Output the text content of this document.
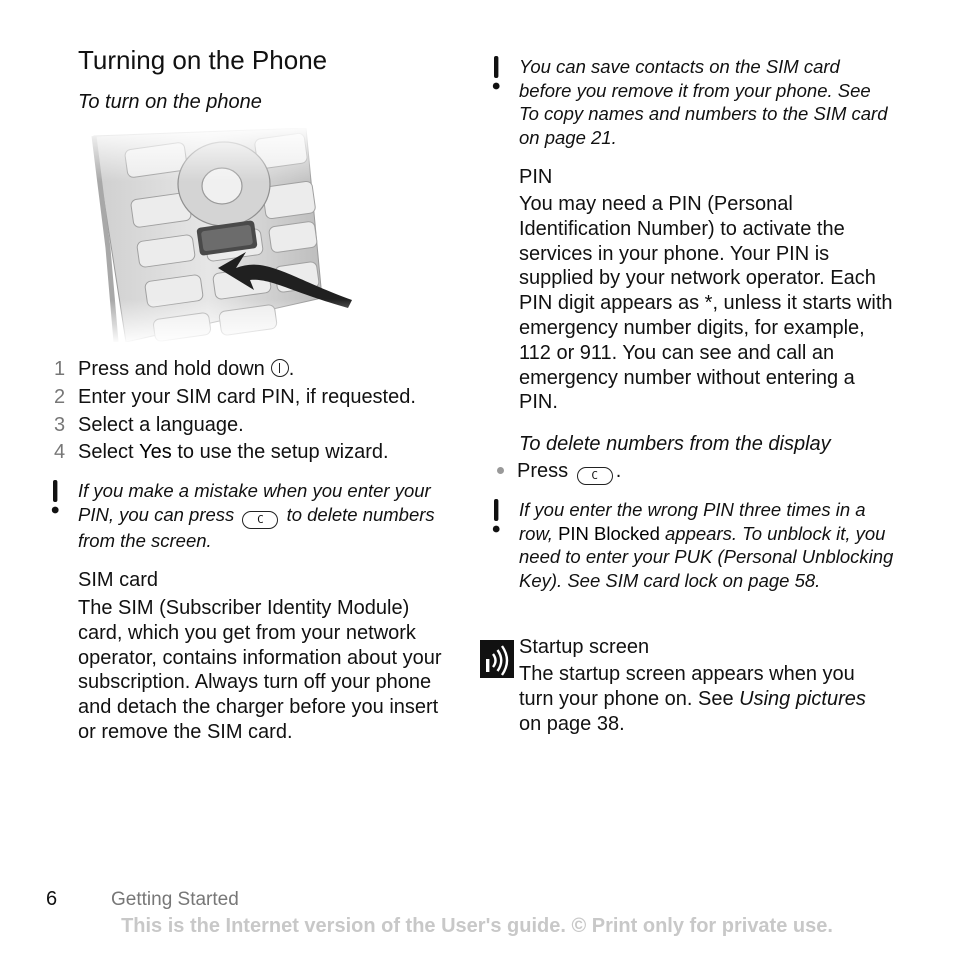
Turning on the Phone
To turn on the phone
1 Press and hold down .
2 Enter your SIM card PIN, if requested.
3 Select a language.
4 Select Yes to use the setup wizard.
If you make a mistake when you enter your PIN, you can press C to delete numbers from the screen.
SIM card
The SIM (Subscriber Identity Module) card, which you get from your network operator, contains information about your subscription. Always turn off your phone and detach the charger before you insert or remove the SIM card.
You can save contacts on the SIM card before you remove it from your phone. See To copy names and numbers to the SIM card on page 21.
PIN
You may need a PIN (Personal Identification Number) to activate the services in your phone. Your PIN is supplied by your network operator. Each PIN digit appears as *, unless it starts with emergency number digits, for example, 112 or 911. You can see and call an emergency number without entering a PIN.
To delete numbers from the display
Press C .
If you enter the wrong PIN three times in a row, PIN Blocked appears. To unblock it, you need to enter your PUK (Personal Unblocking Key). See SIM card lock on page 58.
Startup screen
The startup screen appears when you turn your phone on. See Using pictures on page 38.
6	Getting Started
This is the Internet version of the User's guide. © Print only for private use.
